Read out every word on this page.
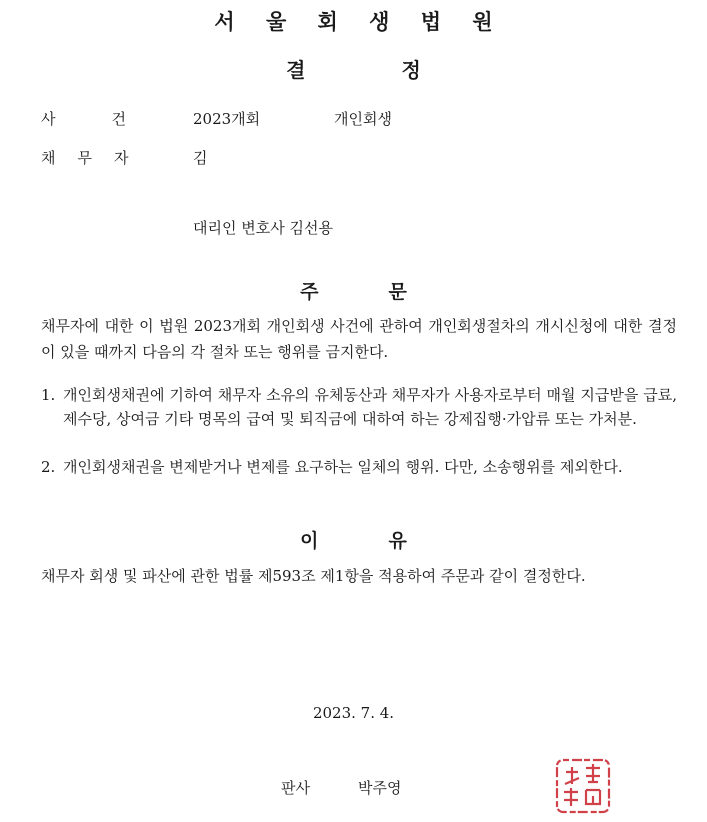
서 울 회 생 법 원
결	정
사	건	2023개회	개인회생
채 무 자	김
대리인 변호사 김선용
주	문
채무자에 대한 이 법원 2023개회 개인회생 사건에 관하여 개인회생절차의 개시신청에 대한 결정이 있을 때까지 다음의 각 절차 또는 행위를 금지한다.
1. 개인회생채권에 기하여 채무자 소유의 유체동산과 채무자가 사용자로부터 매월 지급받을 급료, 제수당, 상여금 기타 명목의 급여 및 퇴직금에 대하여 하는 강제집행·가압류 또는 가처분.
2. 개인회생채권을 변제받거나 변제를 요구하는 일체의 행위. 다만, 소송행위를 제외한다.
이	유
채무자 회생 및 파산에 관한 법률 제593조 제1항을 적용하여 주문과 같이 결정한다.
2023. 7. 4.
판사	박주영
